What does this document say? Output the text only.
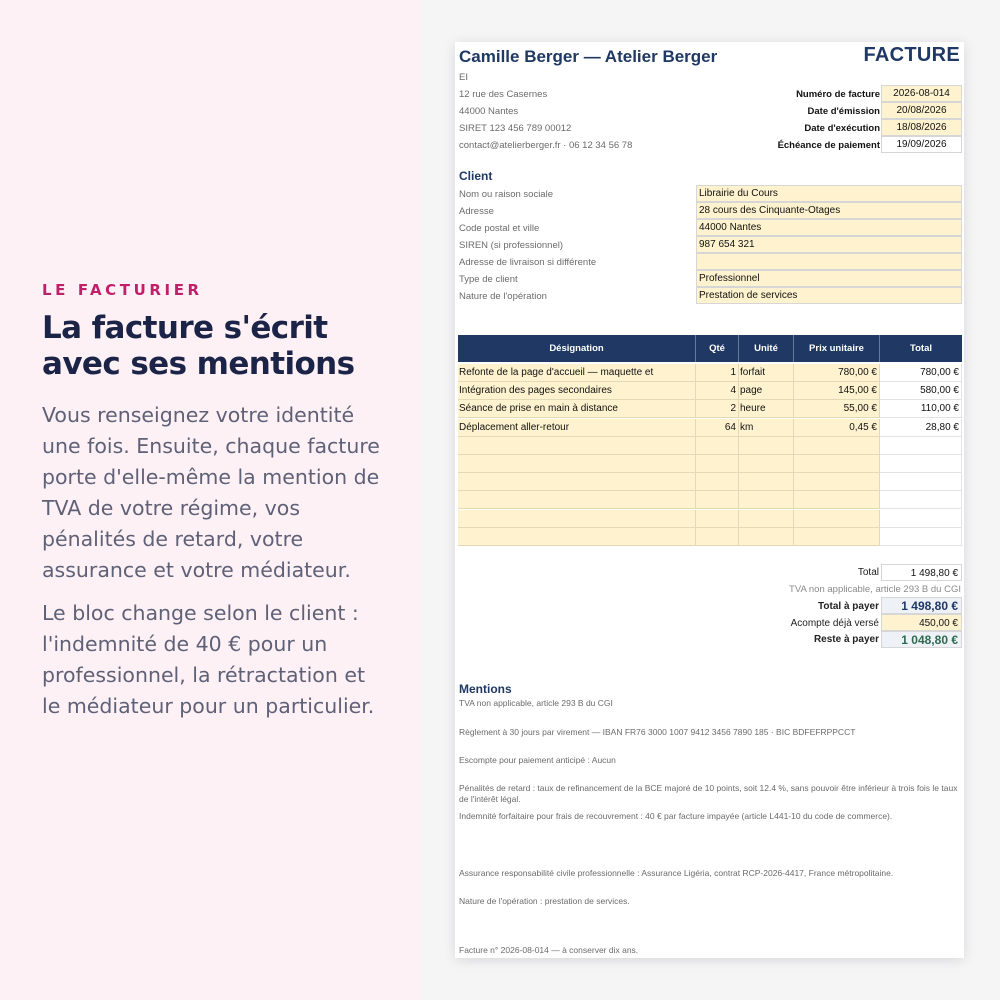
LE FACTURIER
La facture s'écrit avec ses mentions
Vous renseignez votre identité une fois. Ensuite, chaque facture porte d'elle-même la mention de TVA de votre régime, vos pénalités de retard, votre assurance et votre médiateur.
Le bloc change selon le client : l'indemnité de 40 € pour un professionnel, la rétractation et le médiateur pour un particulier.
Camille Berger — Atelier Berger	FACTURE
EI
12 rue des Casernes
44000 Nantes
SIRET 123 456 789 00012
contact@atelierberger.fr · 06 12 34 56 78
Numéro de facture	2026-08-014
Date d'émission	20/08/2026
Date d'exécution	18/08/2026
Échéance de paiement	19/09/2026
Client
Nom ou raison sociale	Librairie du Cours
Adresse	28 cours des Cinquante-Otages
Code postal et ville	44000 Nantes
SIREN (si professionnel)	987 654 321
Adresse de livraison si différente
Type de client	Professionnel
Nature de l'opération	Prestation de services
Désignation	Qté	Unité	Prix unitaire	Total
Total	1 498,80 €
TVA non applicable, article 293 B du CGI
Total à payer	1 498,80 €
Acompte déjà versé	450,00 €
Reste à payer	1 048,80 €
Mentions
TVA non applicable, article 293 B du CGI
Règlement à 30 jours par virement — IBAN FR76 3000 1007 9412 3456 7890 185 · BIC BDFEFRPPCCT
Escompte pour paiement anticipé : Aucun
Pénalités de retard : taux de refinancement de la BCE majoré de 10 points, soit 12.4 %, sans pouvoir être inférieur à trois fois le taux de l'intérêt légal.
Indemnité forfaitaire pour frais de recouvrement : 40 € par facture impayée (article L441-10 du code de commerce).
Assurance responsabilité civile professionnelle : Assurance Ligéria, contrat RCP-2026-4417, France métropolitaine.
Nature de l'opération : prestation de services.
Facture n° 2026-08-014 — à conserver dix ans.
Refonte de la page d'accueil — maquette et	1 forfait	780,00 €	780,00 €
Intégration des pages secondaires	4 page	145,00 €	580,00 €
Séance de prise en main à distance	2 heure	55,00 €	110,00 €
Déplacement aller-retour	64 km	0,45 €	28,80 €
